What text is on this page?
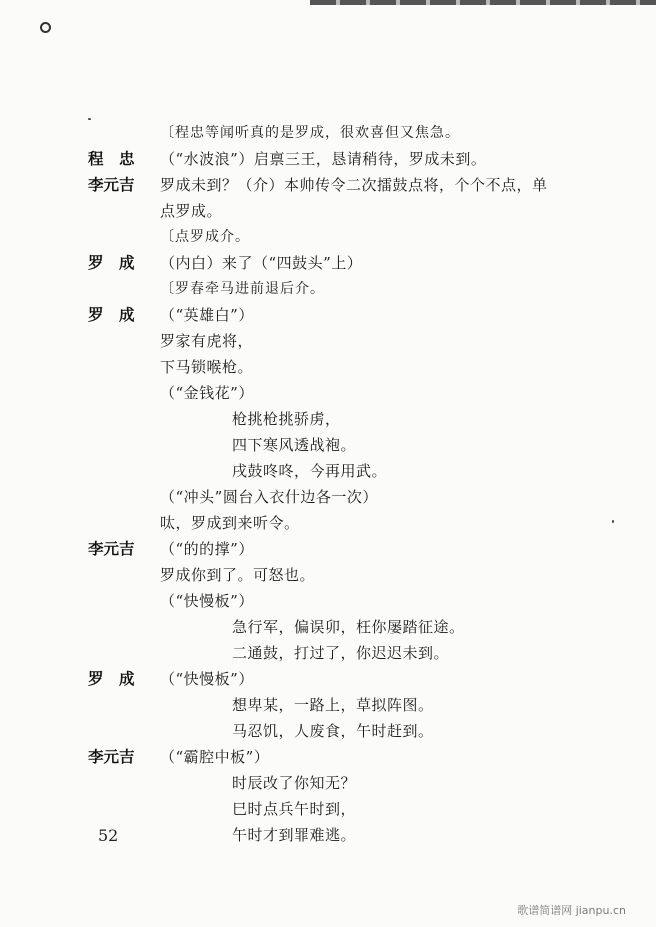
〔程忠等闻听真的是罗成，很欢喜但又焦急。
程　忠 （“水波浪”）启禀三王，恳请稍待，罗成未到。
李元吉 罗成未到？（介）本帅传令二次擂鼓点将，个个不点，单
点罗成。
〔点罗成介。
罗　成 （内白）来了（“四鼓头”上）
〔罗春牵马进前退后介。
罗　成 （“英雄白”）
罗家有虎将，
下马锁喉枪。
（“金钱花”）
枪挑枪挑骄虏，
四下寒风透战袍。
戌鼓咚咚，今再用武。
（“冲头”圆台入衣什边各一次）
呔，罗成到来听令。
李元吉 （“的的撑”）
罗成你到了。可怒也。
（“快慢板”）
急行军，偏误卯，枉你屡踏征途。
二通鼓，打过了，你迟迟未到。
罗　成 （“快慢板”）
想卑某，一路上，草拟阵图。
马忍饥，人废食，午时赶到。
李元吉 （“霸腔中板”）
时辰改了你知无？
巳时点兵午时到，
午时才到罪难逃。
52
歌谱简谱网 jianpu.cn
